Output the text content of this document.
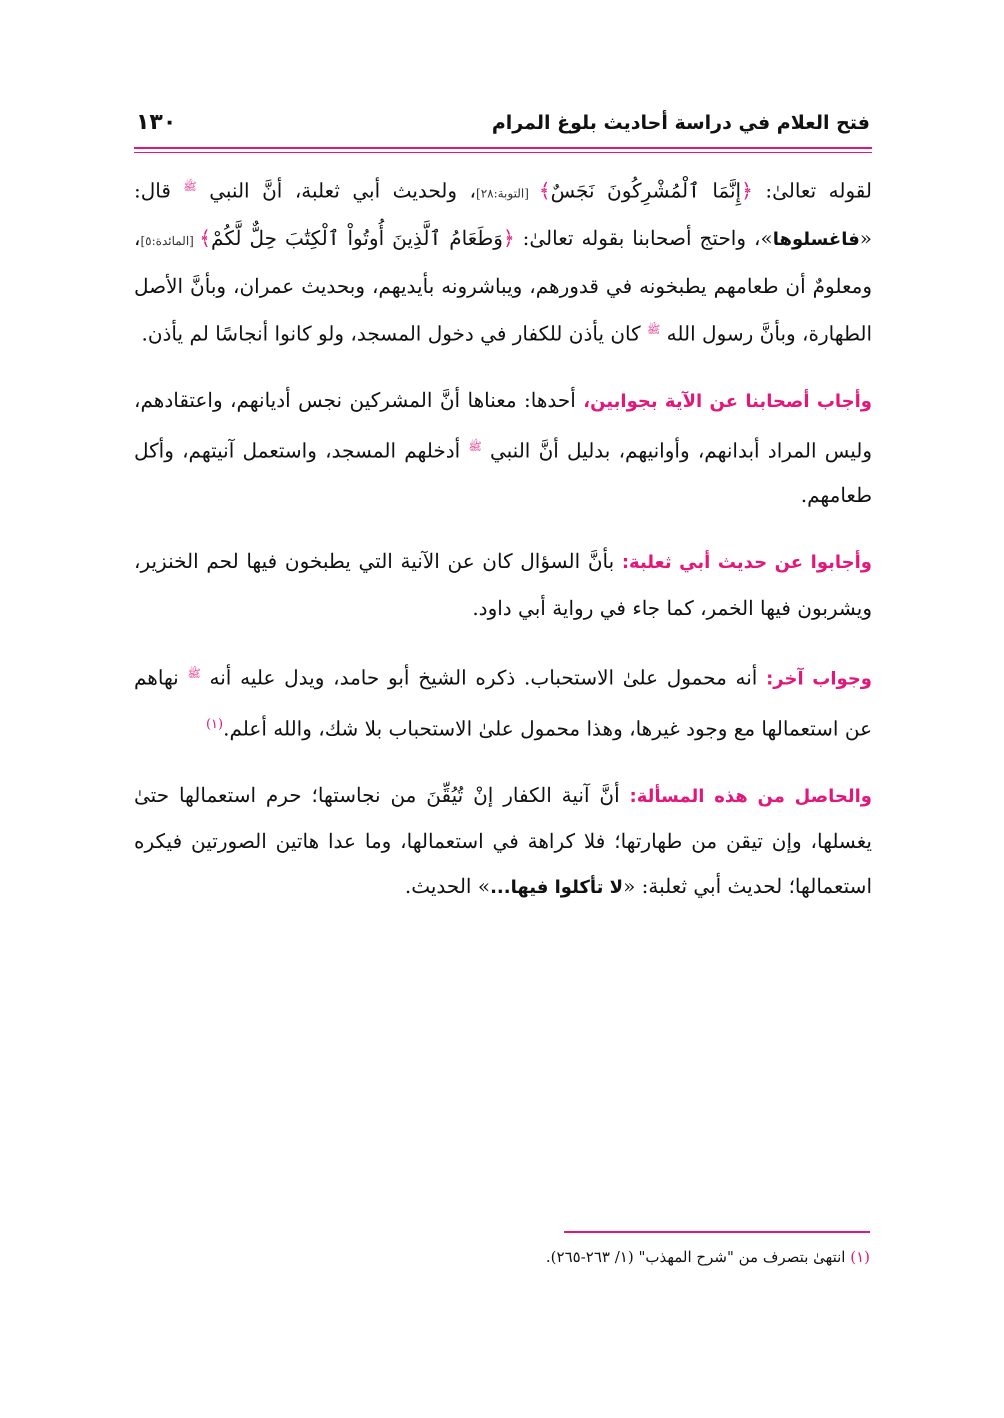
فتح العلام في دراسة أحاديث بلوغ المرام
١٣٠

لقوله تعالىٰ: ﴿إِنَّمَا ٱلْمُشْرِكُونَ نَجَسٌ﴾ [التوبة:٢٨]، ولحديث أبي ثعلبة، أنَّ النبي $^ﷺ$ قال: «فاغسلوها»، واحتج أصحابنا بقوله تعالىٰ: ﴿وَطَعَامُ ٱلَّذِينَ أُوتُواْ ٱلْكِتَٰبَ حِلٌّ لَّكُمْ﴾ [المائدة:٥]، ومعلومٌ أن طعامهم يطبخونه في قدورهم، ويباشرونه بأيديهم، وبحديث عمران، وبأنَّ الأصل الطهارة، وبأنَّ رسول الله $^ﷺ$ كان يأذن للكفار في دخول المسجد، ولو كانوا أنجاسًا لم يأذن.

وأجاب أصحابنا عن الآية بجوابين، أحدها: معناها أنَّ المشركين نجس أديانهم، واعتقادهم، وليس المراد أبدانهم، وأوانيهم، بدليل أنَّ النبي $^ﷺ$ أدخلهم المسجد، واستعمل آنيتهم، وأكل طعامهم.

وأجابوا عن حديث أبي ثعلبة: بأنَّ السؤال كان عن الآنية التي يطبخون فيها لحم الخنزير، ويشربون فيها الخمر، كما جاء في رواية أبي داود.

وجواب آخر: أنه محمول علىٰ الاستحباب. ذكره الشيخ أبو حامد، ويدل عليه أنه $^ﷺ$ نهاهم عن استعمالها مع وجود غيرها، وهذا محمول علىٰ الاستحباب بلا شك، والله أعلم.$^{(١)}$

والحاصل من هذه المسألة: أنَّ آنية الكفار إنْ تُيُقِّنَ من نجاستها؛ حرم استعمالها حتىٰ يغسلها، وإن تيقن من طهارتها؛ فلا كراهة في استعمالها، وما عدا هاتين الصورتين فيكره استعمالها؛ لحديث أبي ثعلبة: «لا تأكلوا فيها...» الحديث.

(١) انتهىٰ بتصرف من "شرح المهذب" (١/ ٢٦٣-٢٦٥).
